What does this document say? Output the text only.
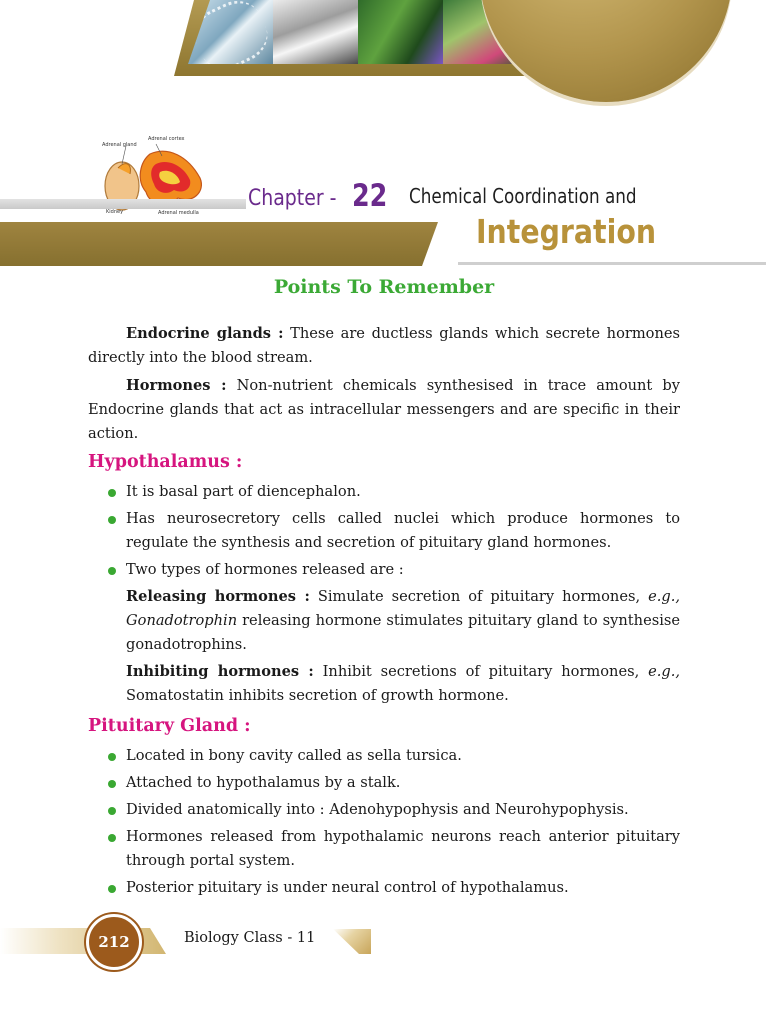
Adrenal gland
Adrenal cortex
Kidney	Adrenal medulla
Chapter - 22 Chemical Coordination and
Integration
Points To Remember

Endocrine glands : These are ductless glands which secrete hormones directly into the blood stream.

Hormones : Non-nutrient chemicals synthesised in trace amount by Endocrine glands that act as intracellular messengers and are specific in their action.

Hypothalamus :
It is basal part of diencephalon.
Has neurosecretory cells called nuclei which produce hormones to regulate the synthesis and secretion of pituitary gland hormones.
Two types of hormones released are :

Releasing hormones : Simulate secretion of pituitary hormones, e.g., Gonadotrophin releasing hormone stimulates pituitary gland to synthesise gonadotrophins.

Inhibiting hormones : Inhibit secretions of pituitary hormones, e.g., Somatostatin inhibits secretion of growth hormone.

Pituitary Gland :
Located in bony cavity called as sella tursica.
Attached to hypothalamus by a stalk.
Divided anatomically into : Adenohypophysis and Neurohypophysis.
Hormones released from hypothalamic neurons reach anterior pituitary through portal system.
Posterior pituitary is under neural control of hypothalamus.
212	Biology Class - 11
